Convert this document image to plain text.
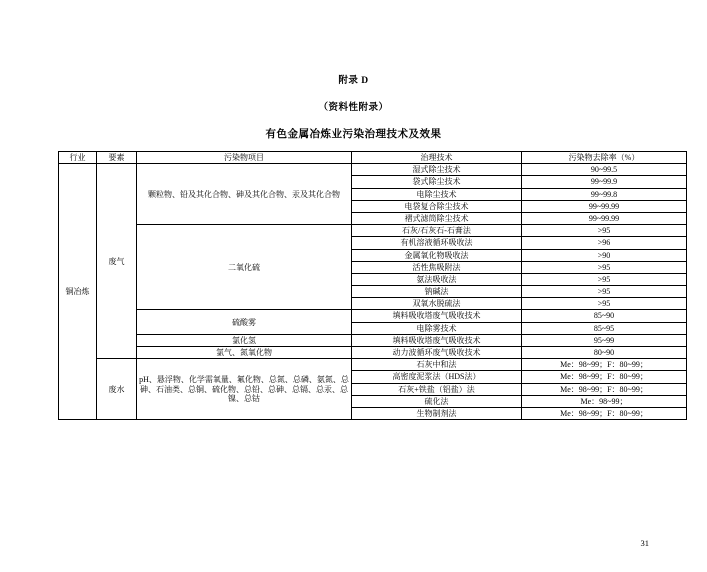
附录 D
（资料性附录）
有色金属冶炼业污染治理技术及效果
行业	要素	污染物项目	治理技术	污染物去除率（%）
铜冶炼	废气	颗粒物、铅及其化合物、砷及其化合物、汞及其化合物	湿式除尘技术	90~99.5
			袋式除尘技术	99~99.9
			电除尘技术	99~99.8
			电袋复合除尘技术	99~99.99
			褶式滤筒除尘技术	99~99.99
		二氧化硫	石灰/石灰石-石膏法	>95
			有机溶液循环吸收法	>96
			金属氧化物吸收法	>90
			活性焦吸附法	>95
			氨法吸收法	>95
			钠碱法	>95
			双氧水脱硫法	>95
		硫酸雾	填料吸收塔废气吸收技术	85~90
			电除雾技术	85~95
		氯化氢	填料吸收塔废气吸收技术	95~99
		氯气、氮氧化物	动力波循环废气吸收技术	80~90
	废水	pH、悬浮物、化学需氧量、氟化物、总氮、总磷、氨氮、总砷、石油类、总铜、硫化物、总铅、总砷、总镉、总汞、总镍、总钴	石灰中和法	Me：98~99；F：80~99；
			高密度泥浆法（HDS法）	Me：98~99；F：80~99；
			石灰+铁盐（铝盐）法	Me：98~99；F：80~99；
			硫化法	Me：98~99；
			生物制剂法	Me：98~99；F：80~99；
31
